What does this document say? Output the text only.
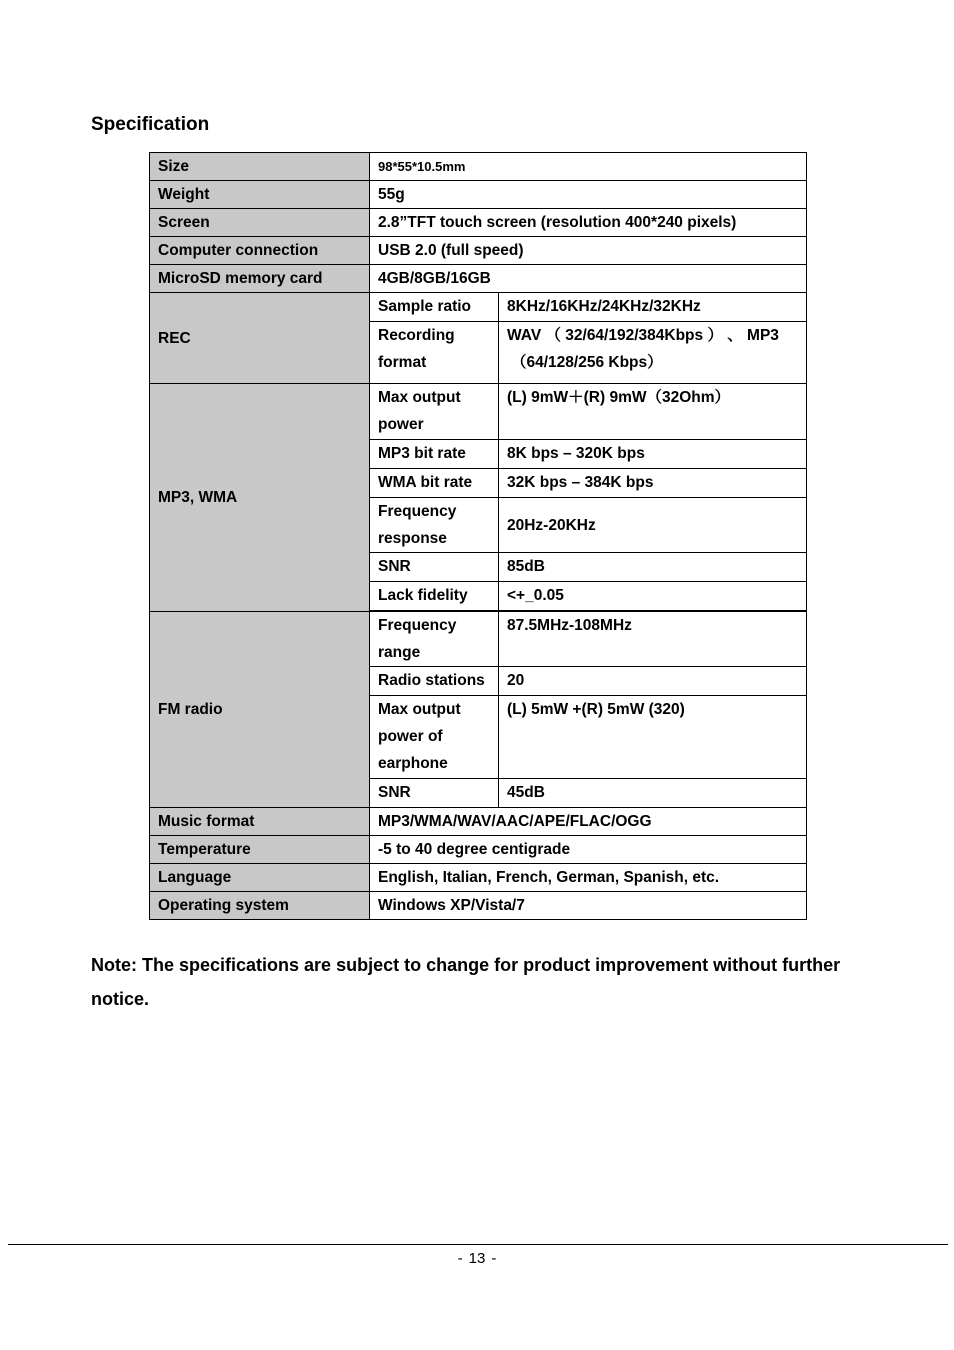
Specification
Size	98*55*10.5mm	
Weight	55g	
Screen	2.8”TFT touch screen (resolution 400*240 pixels)	
Computer connection	USB 2.0 (full speed)	
MicroSD memory card	4GB/8GB/16GB	
REC	Sample ratio	8KHz/16KHz/24KHz/32KHz
	Recording format	WAV （ 32/64/192/384Kbps ） 、 MP3
（64/128/256 Kbps）

MP3, WMA	Max output power	(L) 9mW＋(R) 9mW（32Ohm）
	MP3 bit rate	8K bps – 320K bps
	WMA bit rate	32K bps – 384K bps
	Frequency response	20Hz-20KHz
	SNR	85dB
	Lack fidelity	<+_0.05

FM radio	Frequency range	87.5MHz-108MHz
	Radio stations	20
	Max output power of earphone	(L) 5mW +(R) 5mW (320)
	SNR	45dB
Music format	MP3/WMA/WAV/AAC/APE/FLAC/OGG	
Temperature	-5 to 40 degree centigrade	
Language	English, Italian, French, German, Spanish, etc.	
Operating system	Windows XP/Vista/7	
Note: The specifications are subject to change for product improvement without further notice.
- 13 -
